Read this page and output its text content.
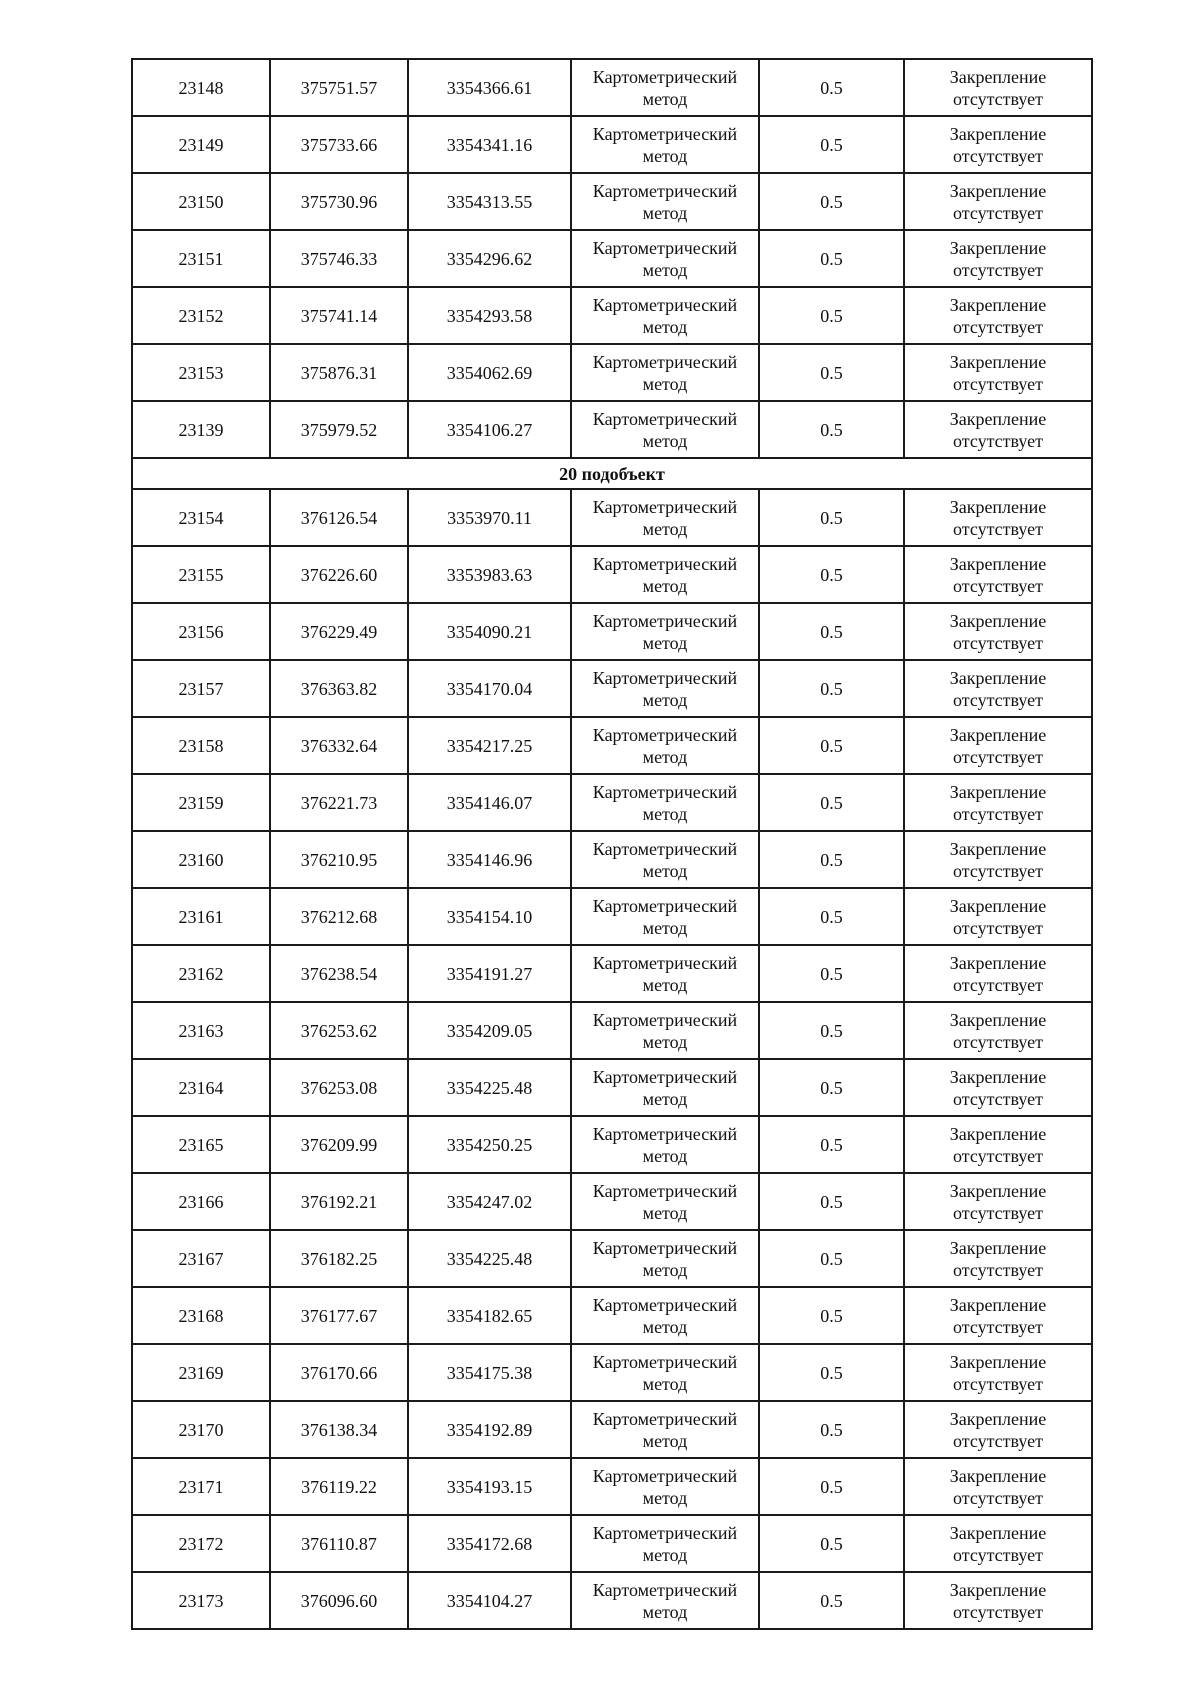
23148	375751.57	3354366.61	Картометрический метод	0.5	Закрепление отсутствует
23149	375733.66	3354341.16	Картометрический метод	0.5	Закрепление отсутствует
23150	375730.96	3354313.55	Картометрический метод	0.5	Закрепление отсутствует
23151	375746.33	3354296.62	Картометрический метод	0.5	Закрепление отсутствует
23152	375741.14	3354293.58	Картометрический метод	0.5	Закрепление отсутствует
23153	375876.31	3354062.69	Картометрический метод	0.5	Закрепление отсутствует
23139	375979.52	3354106.27	Картометрический метод	0.5	Закрепление отсутствует
20 подобъект					
23154	376126.54	3353970.11	Картометрический метод	0.5	Закрепление отсутствует
23155	376226.60	3353983.63	Картометрический метод	0.5	Закрепление отсутствует
23156	376229.49	3354090.21	Картометрический метод	0.5	Закрепление отсутствует
23157	376363.82	3354170.04	Картометрический метод	0.5	Закрепление отсутствует
23158	376332.64	3354217.25	Картометрический метод	0.5	Закрепление отсутствует
23159	376221.73	3354146.07	Картометрический метод	0.5	Закрепление отсутствует
23160	376210.95	3354146.96	Картометрический метод	0.5	Закрепление отсутствует
23161	376212.68	3354154.10	Картометрический метод	0.5	Закрепление отсутствует
23162	376238.54	3354191.27	Картометрический метод	0.5	Закрепление отсутствует
23163	376253.62	3354209.05	Картометрический метод	0.5	Закрепление отсутствует
23164	376253.08	3354225.48	Картометрический метод	0.5	Закрепление отсутствует
23165	376209.99	3354250.25	Картометрический метод	0.5	Закрепление отсутствует
23166	376192.21	3354247.02	Картометрический метод	0.5	Закрепление отсутствует
23167	376182.25	3354225.48	Картометрический метод	0.5	Закрепление отсутствует
23168	376177.67	3354182.65	Картометрический метод	0.5	Закрепление отсутствует
23169	376170.66	3354175.38	Картометрический метод	0.5	Закрепление отсутствует
23170	376138.34	3354192.89	Картометрический метод	0.5	Закрепление отсутствует
23171	376119.22	3354193.15	Картометрический метод	0.5	Закрепление отсутствует
23172	376110.87	3354172.68	Картометрический метод	0.5	Закрепление отсутствует
23173	376096.60	3354104.27	Картометрический метод	0.5	Закрепление отсутствует
